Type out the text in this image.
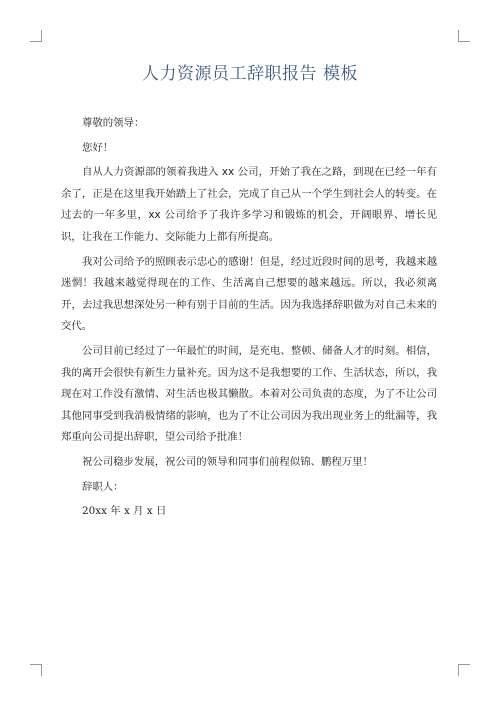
人力资源员工辞职报告 模板

尊敬的领导：

您好！

自从人力资源部的领着我进入 xx 公司，开始了我在之路，到现在已经一年有余了，正是在这里我开始踏上了社会，完成了自己从一个学生到社会人的转变。在过去的一年多里，xx 公司给予了我许多学习和锻炼的机会，开阔眼界、增长见识，让我在工作能力、交际能力上都有所提高。

我对公司给予的照顾表示忠心的感谢！但是，经过近段时间的思考，我越来越迷惘！我越来越觉得现在的工作、生活离自己想要的越来越远。所以，我必须离开，去过我思想深处另一种有别于目前的生活。因为我选择辞职做为对自己未来的交代。

公司目前已经过了一年最忙的时间，是充电、整顿、储备人才的时刻。相信，我的离开会很快有新生力量补充。因为这不是我想要的工作、生活状态，所以，我现在对工作没有激情、对生活也极其懒散。本着对公司负责的态度，为了不让公司其他同事受到我消极情绪的影响，也为了不让公司因为我出现业务上的纰漏等，我郑重向公司提出辞职，望公司给予批准！

祝公司稳步发展，祝公司的领导和同事们前程似锦、鹏程万里！

辞职人：

20xx 年 x 月 x 日
